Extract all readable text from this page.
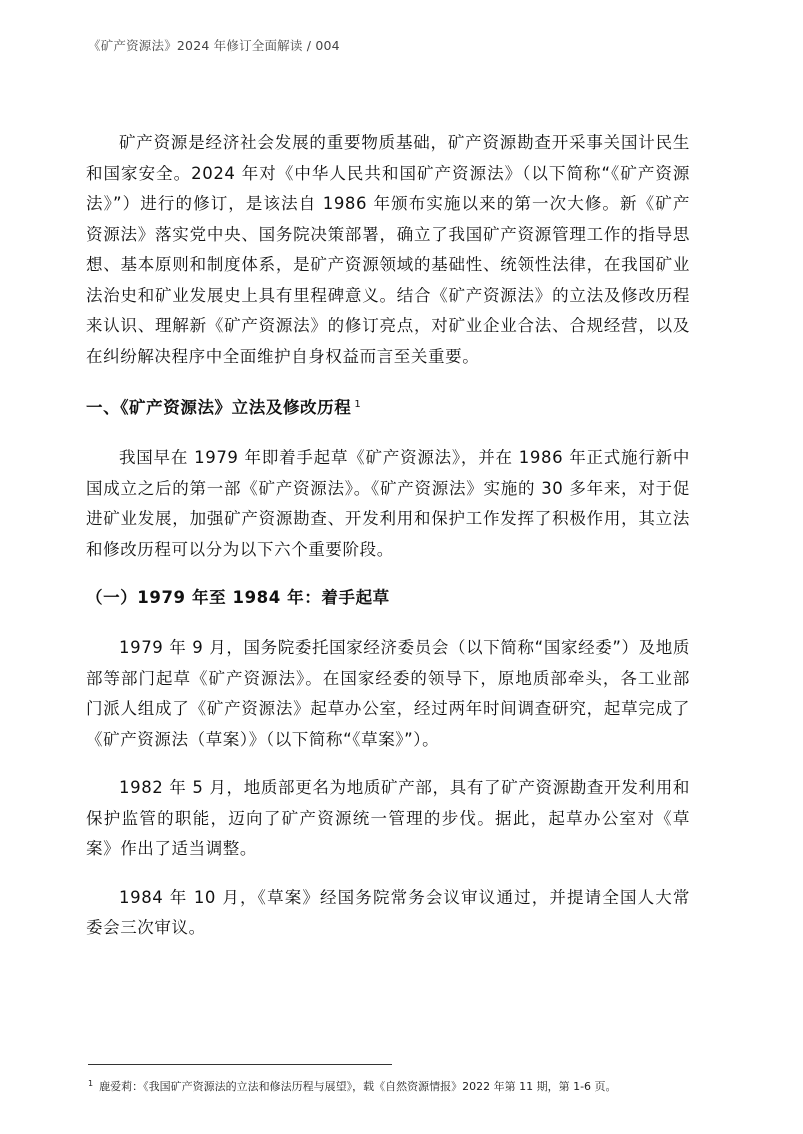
《矿产资源法》2024 年修订全面解读 / 004

矿产资源是经济社会发展的重要物质基础，矿产资源勘查开采事关国计民生和国家安全。2024 年对《中华人民共和国矿产资源法》（以下简称“《矿产资源法》”）进行的修订，是该法自 1986 年颁布实施以来的第一次大修。新《矿产资源法》落实党中央、国务院决策部署，确立了我国矿产资源管理工作的指导思想、基本原则和制度体系，是矿产资源领域的基础性、统领性法律，在我国矿业法治史和矿业发展史上具有里程碑意义。结合《矿产资源法》的立法及修改历程来认识、理解新《矿产资源法》的修订亮点，对矿业企业合法、合规经营，以及在纠纷解决程序中全面维护自身权益而言至关重要。

一、《矿产资源法》立法及修改历程 $^1$

我国早在 1979 年即着手起草《矿产资源法》，并在 1986 年正式施行新中国成立之后的第一部《矿产资源法》。《矿产资源法》实施的 30 多年来，对于促进矿业发展，加强矿产资源勘查、开发利用和保护工作发挥了积极作用，其立法和修改历程可以分为以下六个重要阶段。

（一）1979 年至 1984 年：着手起草

1979 年 9 月，国务院委托国家经济委员会（以下简称“国家经委”）及地质部等部门起草《矿产资源法》。在国家经委的领导下，原地质部牵头，各工业部门派人组成了《矿产资源法》起草办公室，经过两年时间调查研究，起草完成了《矿产资源法（草案）》（以下简称“《草案》”）。

1982 年 5 月，地质部更名为地质矿产部，具有了矿产资源勘查开发利用和保护监管的职能，迈向了矿产资源统一管理的步伐。据此，起草办公室对《草案》作出了适当调整。

1984 年 10 月，《草案》经国务院常务会议审议通过，并提请全国人大常委会三次审议。

$^1$ 鹿爱莉：《我国矿产资源法的立法和修法历程与展望》，载《自然资源情报》2022 年第 11 期，第 1-6 页。
